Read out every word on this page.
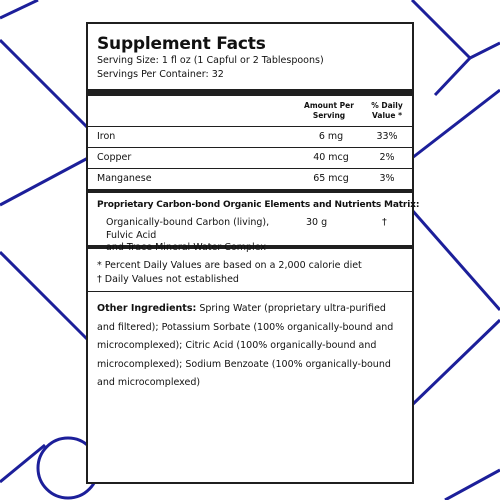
Supplement Facts
Serving Size: 1 fl oz (1 Capful or 2 Tablespoons)
Servings Per Container: 32
Amount Per
Serving
% Daily
Value *
Iron	6 mg	33%
Copper	40 mcg	2%
Manganese	65 mcg	3%
Proprietary Carbon-bond Organic Elements and Nutrients Matrix:
Organically-bound Carbon (living), Fulvic Acid
and Trace Mineral Water Complex
30 g	†
* Percent Daily Values are based on a 2,000 calorie diet
† Daily Values not established
Other Ingredients: Spring Water (proprietary ultra-purified
and filtered); Potassium Sorbate (100% organically-bound and
microcomplexed); Citric Acid (100% organically-bound and
microcomplexed); Sodium Benzoate (100% organically-bound
and microcomplexed)
